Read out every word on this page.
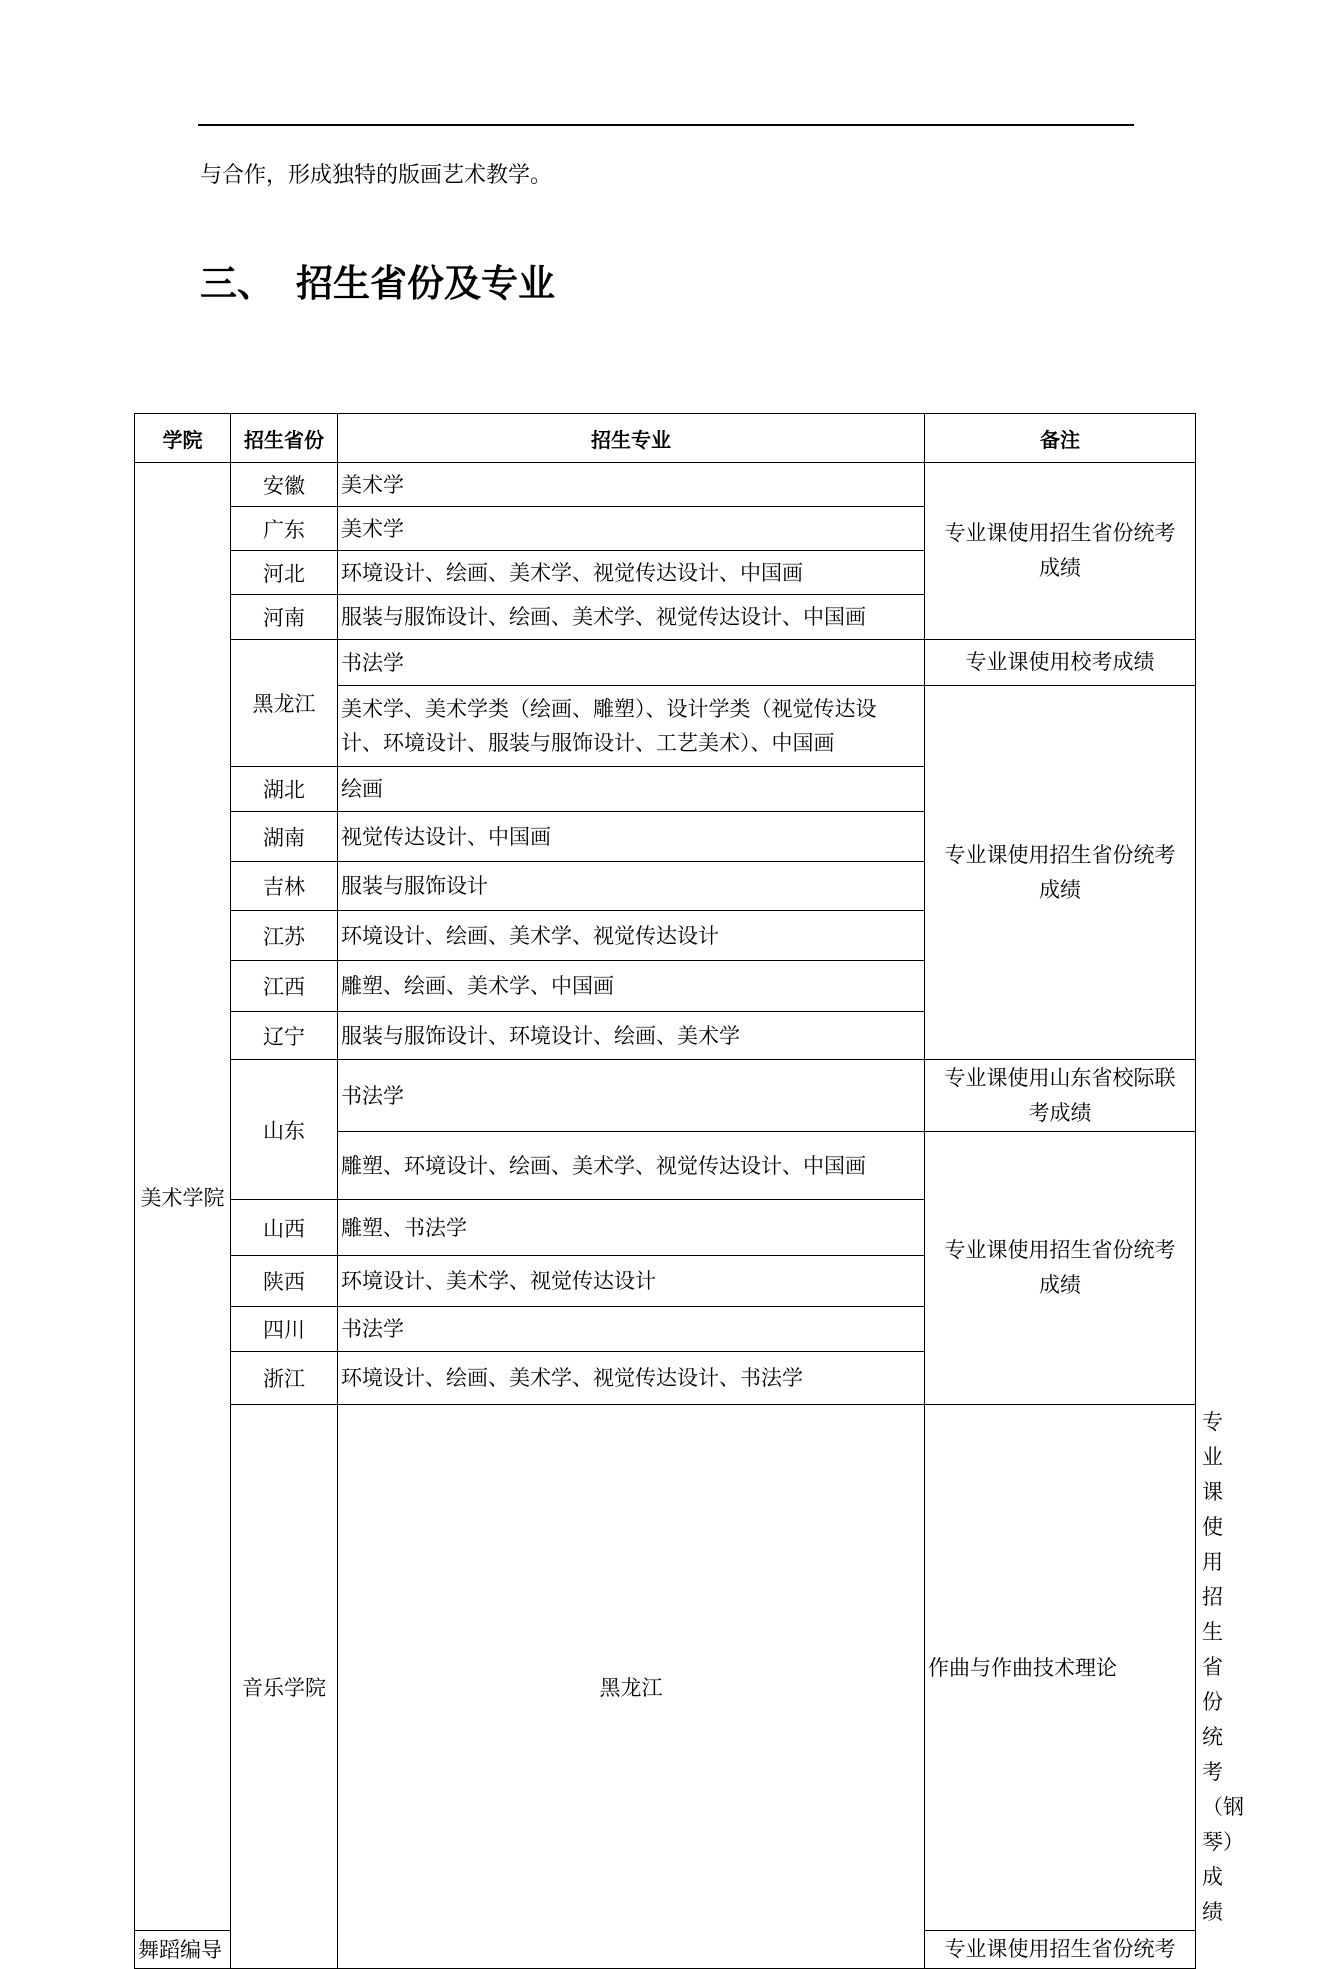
与合作，形成独特的版画艺术教学。
三、 招生省份及专业
学院	招生省份	招生专业	备注	
美术学院	安徽	美术学	专业课使用招生省份统考
成绩	

	广东	美术学		
	河北	环境设计、绘画、美术学、视觉传达设计、中国画		
	河南	服装与服饰设计、绘画、美术学、视觉传达设计、中国画		
	黑龙江	书法学	专业课使用校考成绩	

		美术学、美术学类（绘画、雕塑）、设计学类（视觉传达设
计、环境设计、服装与服饰设计、工艺美术）、中国画	专业课使用招生省份统考
成绩	

	湖北	绘画		
	湖南	视觉传达设计、中国画		
	吉林	服装与服饰设计		
	江苏	环境设计、绘画、美术学、视觉传达设计		
	江西	雕塑、绘画、美术学、中国画		
	辽宁	服装与服饰设计、环境设计、绘画、美术学		
	山东	书法学	专业课使用山东省校际联
考成绩	

		雕塑、环境设计、绘画、美术学、视觉传达设计、中国画	专业课使用招生省份统考
成绩	

	山西	雕塑、书法学		
	陕西	环境设计、美术学、视觉传达设计		
	四川	书法学		
	浙江	环境设计、绘画、美术学、视觉传达设计、书法学		
	音乐学院	黑龙江	作曲与作曲技术理论	专业课使用招生省份统考
（钢琴）成绩

舞蹈编导			专业课使用招生省份统考	
